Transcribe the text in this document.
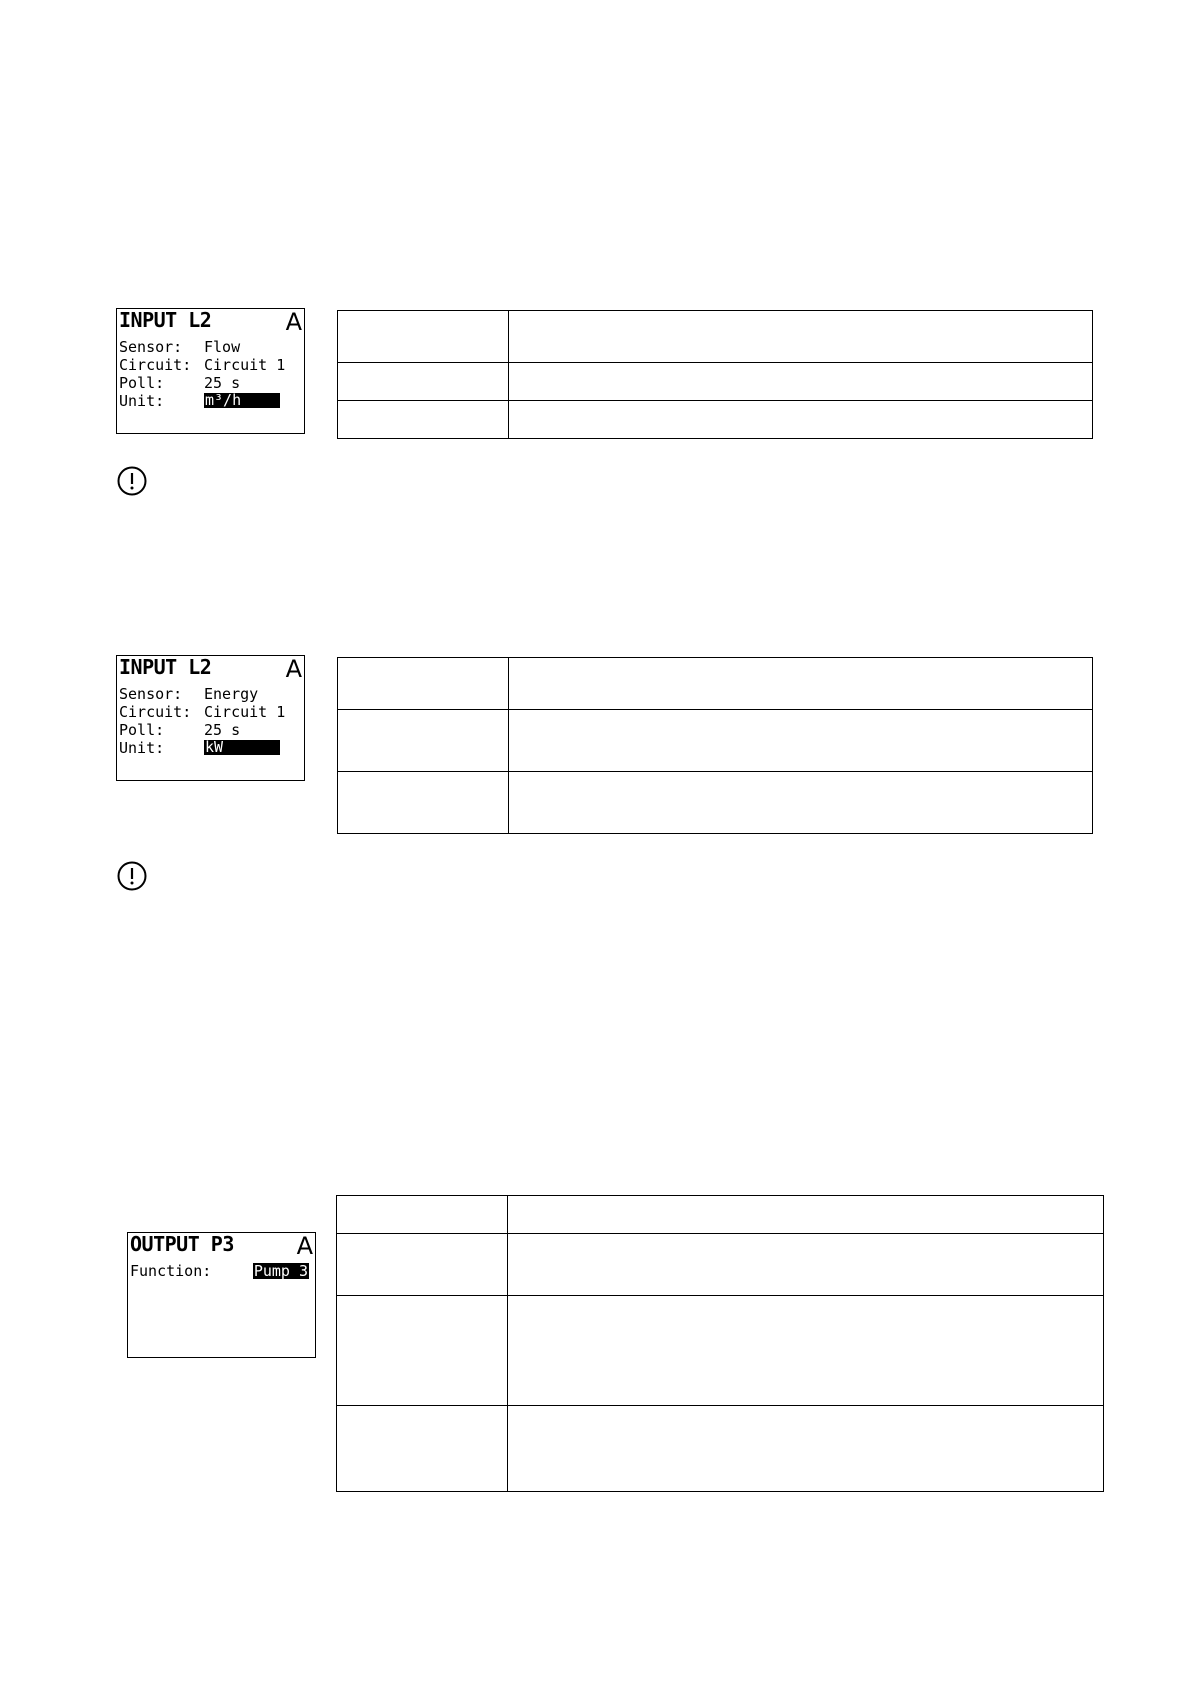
INPUT L2	A
Sensor: Flow
Circuit: Circuit 1
Poll:	25 s
Unit:	m³/h

INPUT L2	A
Sensor: Energy
Circuit: Circuit 1
Poll:	25 s
Unit:	kW

OUTPUT P3	A
Function:	Pump 3
